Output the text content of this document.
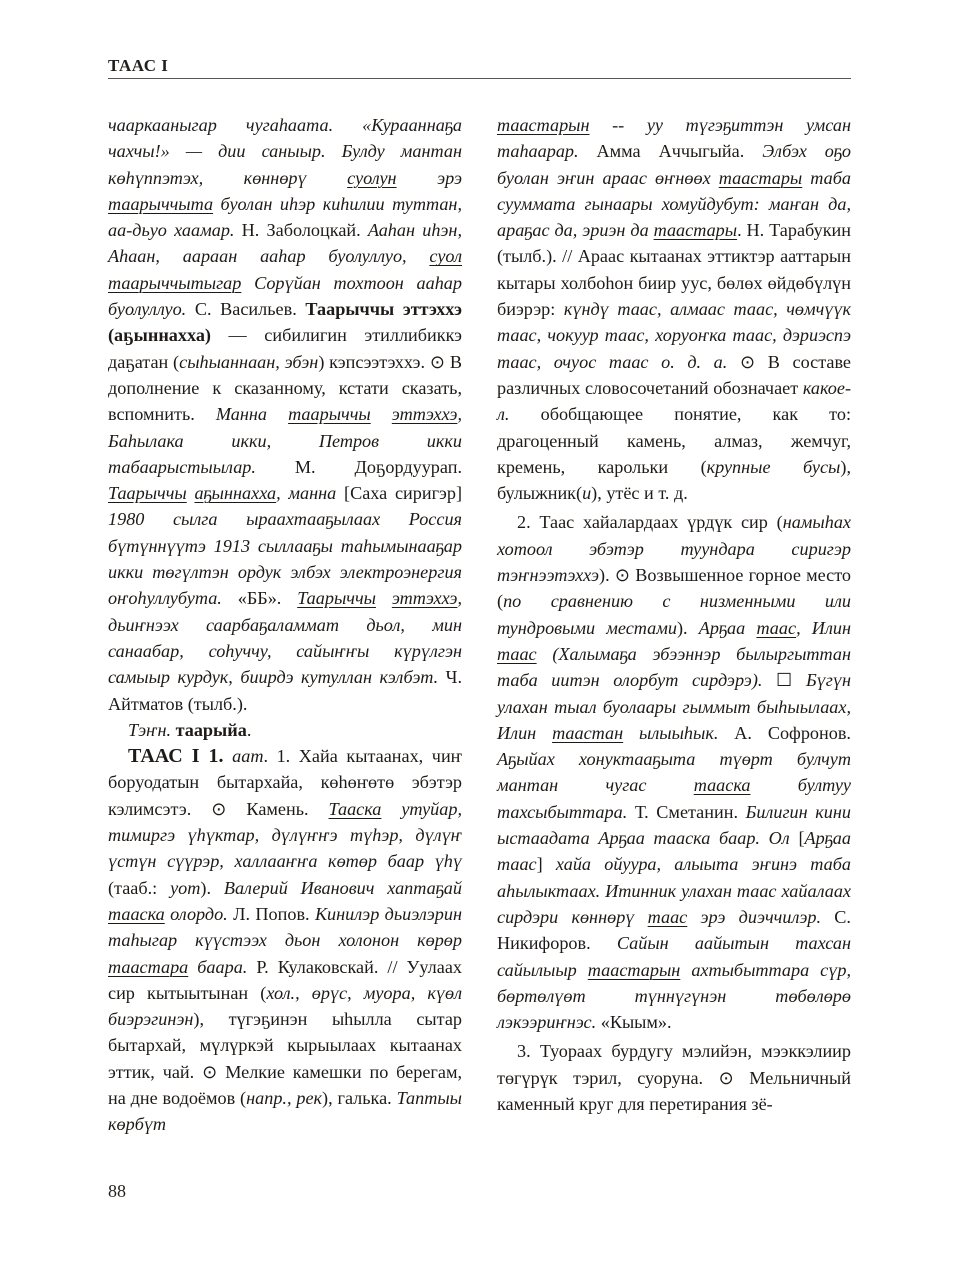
ТААС I

чааркааныгар чугаһаата. «Курааннаҕа чахчы!» — дии саныыр. Булду мантан көһүппэтэх, көннөрү суолун эрэ таарыччыта буолан иһэр киһилии туттан, аа-дьуо хаамар. Н. Заболоцкай. Ааһан иһэн, Аһаан, аараан ааһар буолуллуо, суол таарыччытыгар Сорүйан тохтоон ааһар буолуллуо. С. Васильев. Таарыччы эттэххэ (аҕыннахха) — сибилигин этиллибиккэ даҕатан (сыһыаннаан, эбэн) кэпсээтэххэ. ⊙ В дополнение к сказанному, кстати сказать, вспомнить. Манна таарыччы эттэххэ, Баһылака икки, Петров икки табаарыстыылар. М. Доҕордуурап. Таарыччы аҕыннахха, манна [Саха сиригэр] 1980 сылга ыраахтааҕылаах Россия бүтүннүүтэ 1913 сыллааҕы таһымынааҕар икки төгүлтэн ордук элбэх электроэнергия оҥоһуллубута. «ББ». Таарыччы эттэххэ, дьиҥнээх саарбаҕаламмат дьол, мин санаабар, соһуччу, сайыҥҥы күрүлгэн самыыр курдук, биирдэ кутуллан кэлбэт. Ч. Айтматов (тылб.).

Тэҥн. таарыйа.

ТААС I 1. аат. 1. Хайа кытаанах, чиҥ боруодатын бытархайа, көһөҥөтө эбэтэр кэлимсэтэ. ⊙ Камень. Тааска утуйар, тимиргэ үһүктар, дүлүҥҥэ түһэр, дүлүҥ үстүн сүүрэр, халлааҥҥа көтөр баар үһү (тааб.: уот). Валерий Иванович хаптаҕай тааска олордо. Л. Попов. Кинилэр дьиэлэрин таһыгар күүстээх дьон холонон көрөр таастара баара. Р. Кулаковскай. // Уулаах сир кытыытынан (хол., өрүс, муора, күөл биэрэгинэн), түгэҕинэн ыһылла сытар бытархай, мүлүркэй кырыылаах кытаанах эттик, чай. ⊙ Мелкие камешки по берегам, на дне водоёмов (напр., рек), галька. Таптыы көрбүт

таастарын -- уу түгэҕиттэн умсан таһаарар. Амма Аччыгыйа. Элбэх оҕо буолан эҥин араас өҥнөөх таастары таба сууммата гынаары хомуйдубут: маҥан да, араҕас да, эриэн да таастары. Н. Тарабукин (тылб.). // Араас кытаанах эттиктэр ааттарын кытары холбоһон биир уус, бөлөх өйдөбүлүн биэрэр: күндү таас, алмаас таас, чөмчүүк таас, чокуур таас, хоруоҥка таас, дэриэспэ таас, очуос таас о. д. а. ⊙ В составе различных словосочетаний обозначает какое-л. обобщающее понятие, как то: драгоценный камень, алмаз, жемчуг, кремень, карольки (крупные бусы), булыжник(и), утёс и т. д.

2. Таас хайалардаах үрдүк сир (намыһах хотоол эбэтэр туундара сиригэр тэҥнээтэххэ). ⊙ Возвышенное горное место (по сравнению с низменными или тундровыми местами). Арҕаа таас, Илин таас (Халымаҕа эбээннэр былыргыттан таба иитэн олорбут сирдэрэ). ☐ Бүгүн улахан тыал буолаары гыммыт быһыылаах, Илин таастан ылыыһык. А. Софронов. Аҕыйах хонуктааҕыта түөрт булчут мантан чугас тааска бултуу тахсыбыттара. Т. Сметанин. Билигин кини ыстаадата Арҕаа тааска баар. Ол [Арҕаа таас] хайа ойуура, алыыта эҥинэ таба аһылыктаах. Итинник улахан таас хайалаах сирдэри көннөрү таас эрэ диэччилэр. С. Никифоров. Сайын аайытын тахсан сайылыыр таастарын ахтыбыттара сүр, бөртөлүөт түннүгүнэн төбөлөрө лэкээриҥнэс. «Кыым».

3. Туораах бурдугу мэлийэн, мээккэлиир төгүрүк тэрил, суоруна. ⊙ Мельничный каменный круг для перетирания зё-

88
